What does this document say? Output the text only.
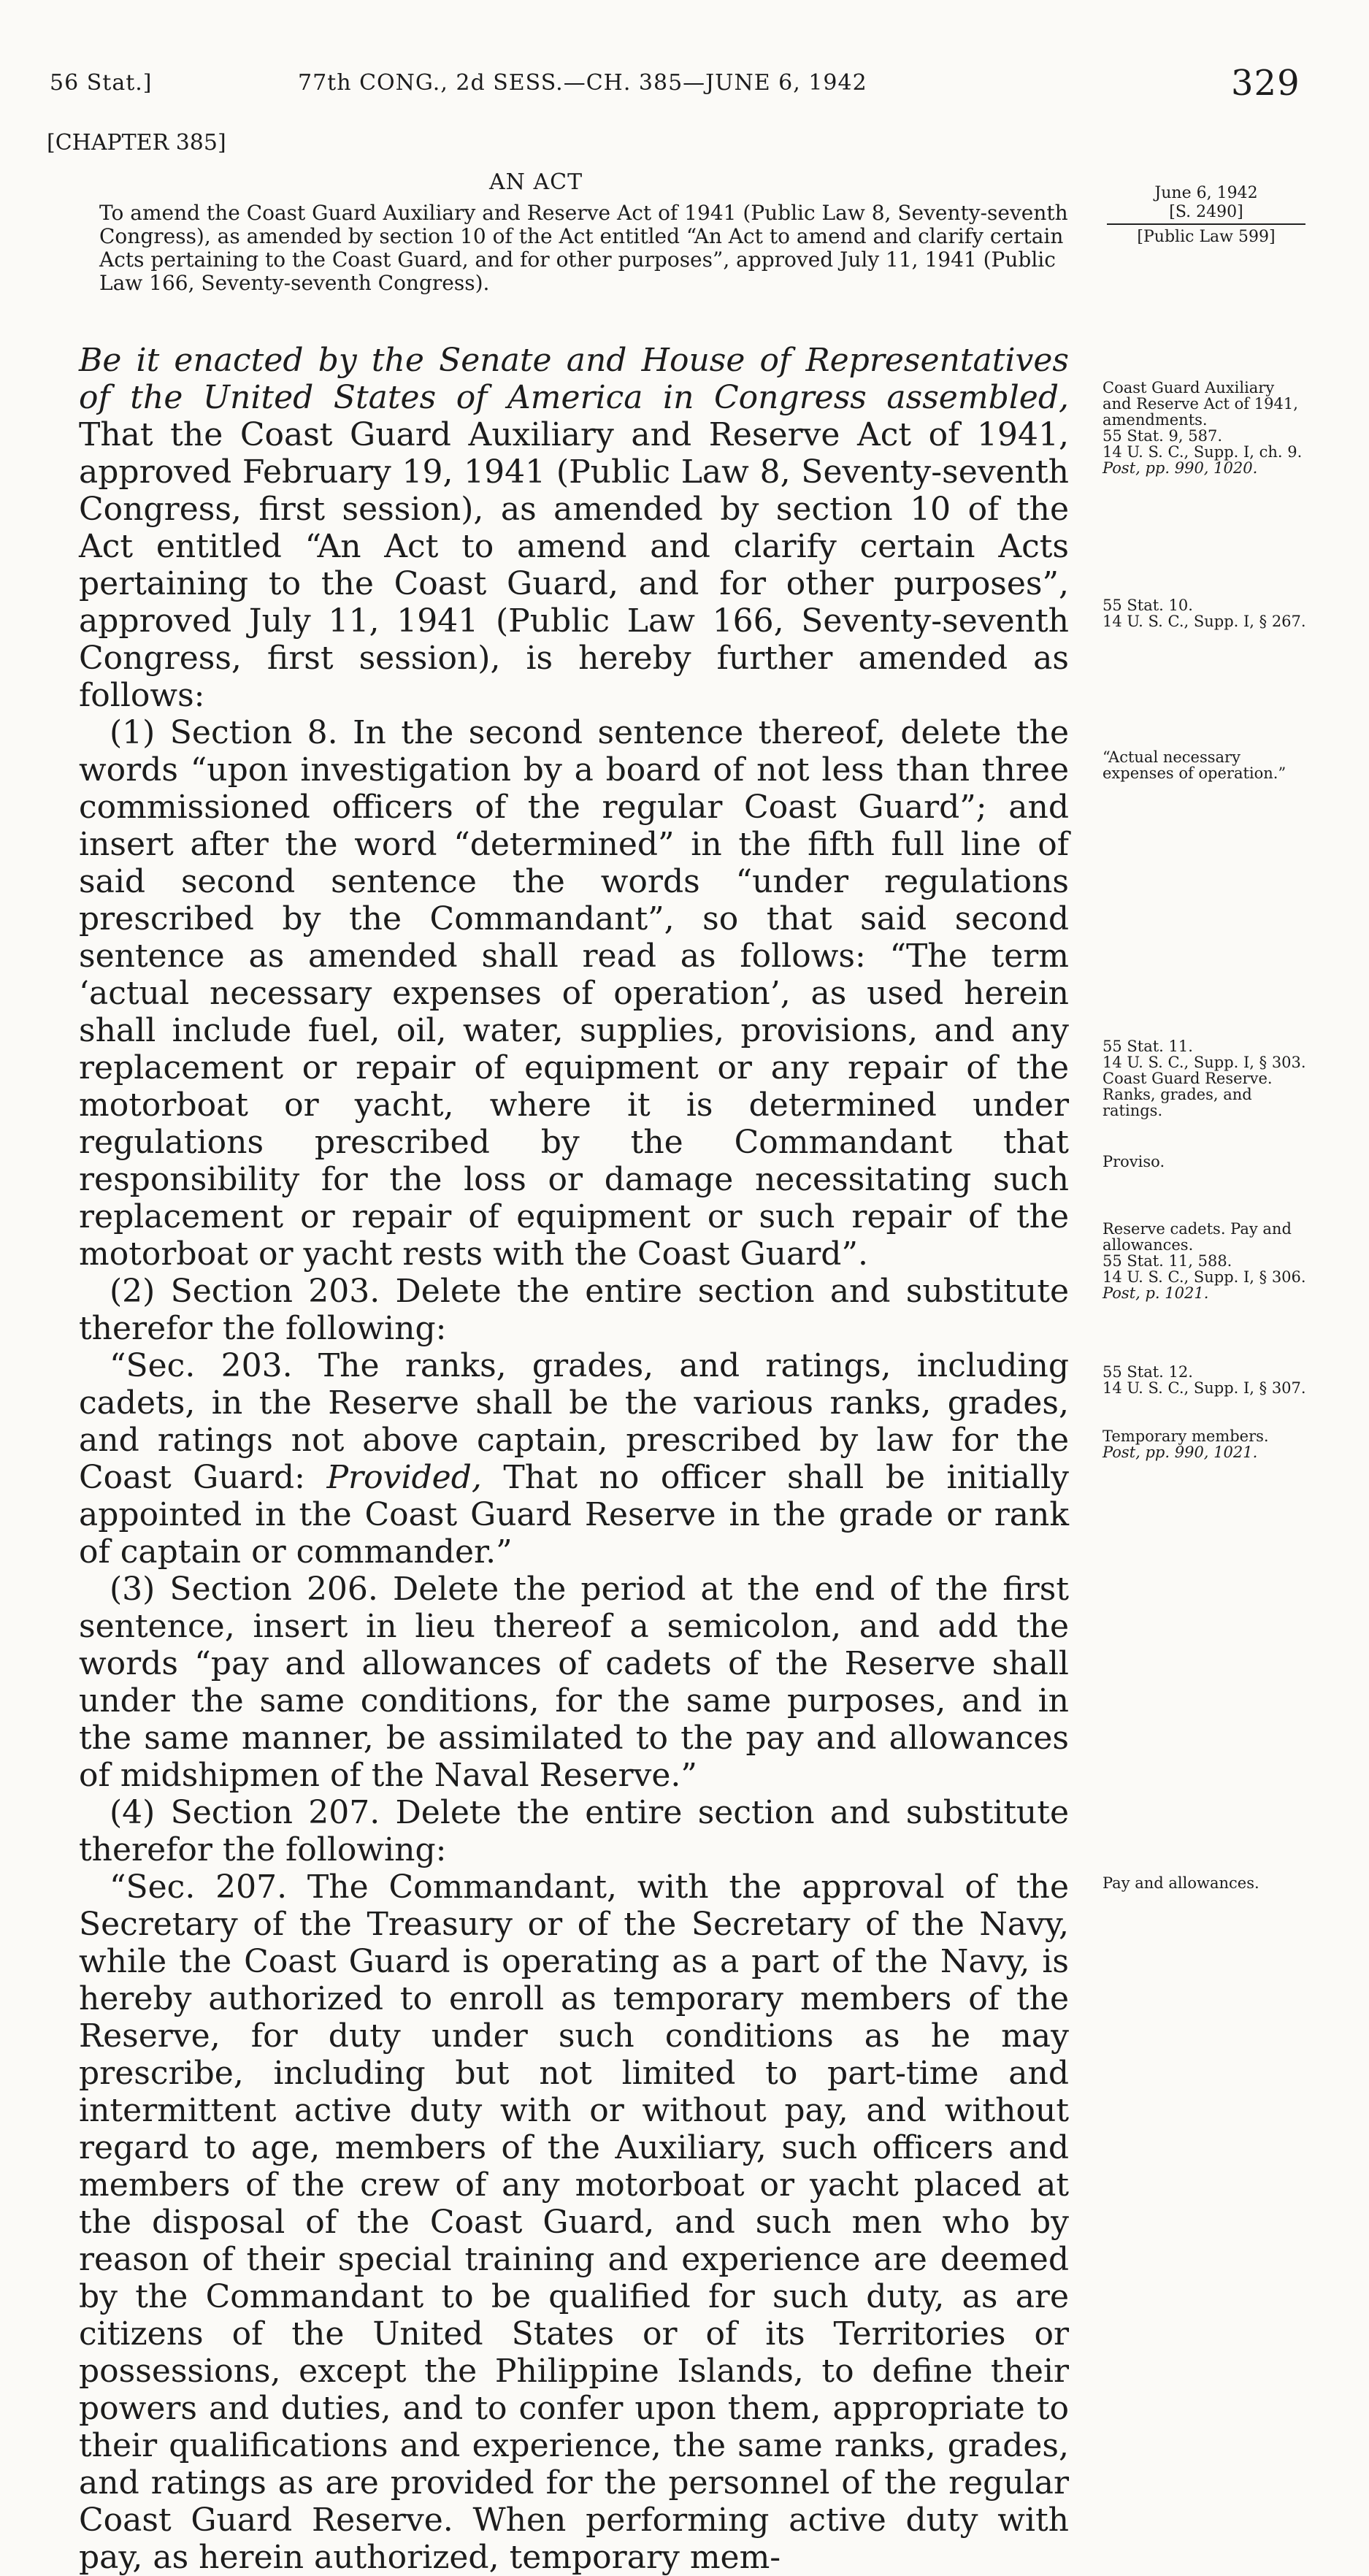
56 Stat.]	77th CONG., 2d SESS.—CH. 385—JUNE 6, 1942	329
[CHAPTER 385]
AN ACT
To amend the Coast Guard Auxiliary and Reserve Act of 1941 (Public Law 8, Seventy-seventh Congress), as amended by section 10 of the Act entitled “An Act to amend and clarify certain Acts pertaining to the Coast Guard, and for other purposes”, approved July 11, 1941 (Public Law 166, Seventy-seventh Congress).
June 6, 1942
[S. 2490]
[Public Law 599]

Be it enacted by the Senate and House of Representatives of the United States of America in Congress assembled, That the Coast Guard Auxiliary and Reserve Act of 1941, approved February 19, 1941 (Public Law 8, Seventy-seventh Congress, first session), as amended by section 10 of the Act entitled “An Act to amend and clarify certain Acts pertaining to the Coast Guard, and for other purposes”, approved July 11, 1941 (Public Law 166, Seventy-seventh Congress, first session), is hereby further amended as follows:

(1) Section 8. In the second sentence thereof, delete the words “upon investigation by a board of not less than three commissioned officers of the regular Coast Guard”; and insert after the word “determined” in the fifth full line of said second sentence the words “under regulations prescribed by the Commandant”, so that said second sentence as amended shall read as follows: “The term ‘actual necessary expenses of operation’, as used herein shall include fuel, oil, water, supplies, provisions, and any replacement or repair of equipment or any repair of the motorboat or yacht, where it is determined under regulations prescribed by the Commandant that responsibility for the loss or damage necessitating such replacement or repair of equipment or such repair of the motorboat or yacht rests with the Coast Guard”.

(2) Section 203. Delete the entire section and substitute therefor the following:

“Sec. 203. The ranks, grades, and ratings, including cadets, in the Reserve shall be the various ranks, grades, and ratings not above captain, prescribed by law for the Coast Guard: Provided, That no officer shall be initially appointed in the Coast Guard Reserve in the grade or rank of captain or commander.”

(3) Section 206. Delete the period at the end of the first sentence, insert in lieu thereof a semicolon, and add the words “pay and allowances of cadets of the Reserve shall under the same conditions, for the same purposes, and in the same manner, be assimilated to the pay and allowances of midshipmen of the Naval Reserve.”

(4) Section 207. Delete the entire section and substitute therefor the following:

“Sec. 207. The Commandant, with the approval of the Secretary of the Treasury or of the Secretary of the Navy, while the Coast Guard is operating as a part of the Navy, is hereby authorized to enroll as temporary members of the Reserve, for duty under such conditions as he may prescribe, including but not limited to part-time and intermittent active duty with or without pay, and without regard to age, members of the Auxiliary, such officers and members of the crew of any motorboat or yacht placed at the disposal of the Coast Guard, and such men who by reason of their special training and experience are deemed by the Commandant to be qualified for such duty, as are citizens of the United States or of its Territories or possessions, except the Philippine Islands, to define their powers and duties, and to confer upon them, appropriate to their qualifications and experience, the same ranks, grades, and ratings as are provided for the personnel of the regular Coast Guard Reserve. When performing active duty with pay, as herein authorized, temporary mem-

Coast Guard Auxiliary and Reserve Act of 1941, amendments.
55 Stat. 9, 587.
14 U. S. C., Supp. I, ch. 9.
Post, pp. 990, 1020.
55 Stat. 10.
14 U. S. C., Supp. I, § 267.
“Actual necessary expenses of operation.”
55 Stat. 11.
14 U. S. C., Supp. I, § 303.
Coast Guard Reserve. Ranks, grades, and ratings.
Proviso.
Reserve cadets. Pay and allowances.
55 Stat. 11, 588.
14 U. S. C., Supp. I, § 306.
Post, p. 1021.
55 Stat. 12.
14 U. S. C., Supp. I, § 307.
Temporary members.
Post, pp. 990, 1021.
Pay and allowances.
